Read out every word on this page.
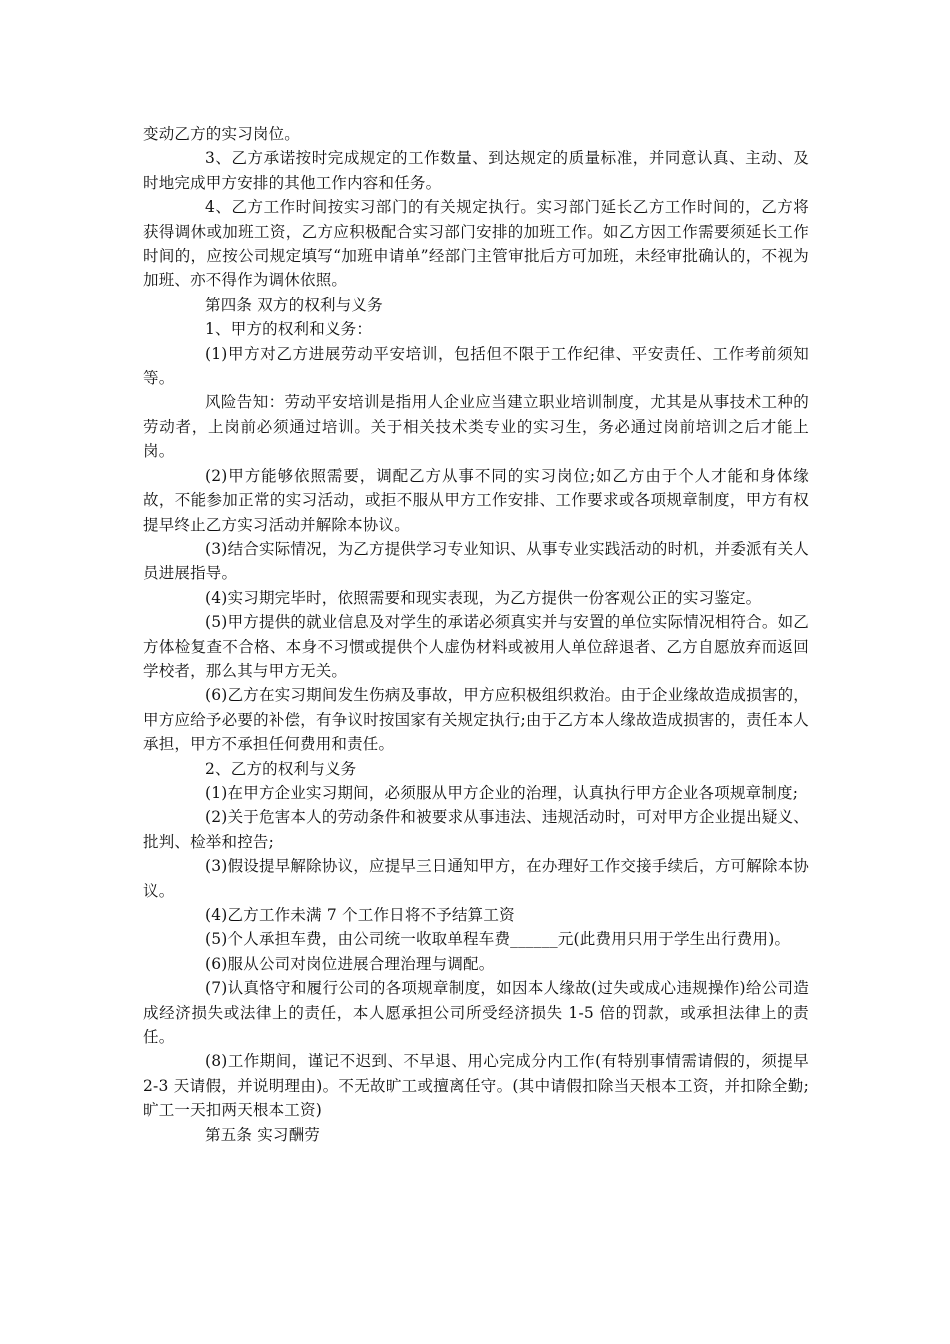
变动乙方的实习岗位。

3、乙方承诺按时完成规定的工作数量、到达规定的质量标准，并同意认真、主动、及时地完成甲方安排的其他工作内容和任务。

4、乙方工作时间按实习部门的有关规定执行。实习部门延长乙方工作时间的，乙方将获得调休或加班工资，乙方应积极配合实习部门安排的加班工作。如乙方因工作需要须延长工作时间的，应按公司规定填写“加班申请单”经部门主管审批后方可加班，未经审批确认的，不视为加班、亦不得作为调休依照。

第四条 双方的权利与义务

1、甲方的权利和义务：

(1)甲方对乙方进展劳动平安培训，包括但不限于工作纪律、平安责任、工作考前须知等。

风险告知：劳动平安培训是指用人企业应当建立职业培训制度，尤其是从事技术工种的劳动者，上岗前必须通过培训。关于相关技术类专业的实习生，务必通过岗前培训之后才能上岗。

(2)甲方能够依照需要，调配乙方从事不同的实习岗位;如乙方由于个人才能和身体缘故，不能参加正常的实习活动，或拒不服从甲方工作安排、工作要求或各项规章制度，甲方有权提早终止乙方实习活动并解除本协议。

(3)结合实际情况，为乙方提供学习专业知识、从事专业实践活动的时机，并委派有关人员进展指导。

(4)实习期完毕时，依照需要和现实表现，为乙方提供一份客观公正的实习鉴定。

(5)甲方提供的就业信息及对学生的承诺必须真实并与安置的单位实际情况相符合。如乙方体检复查不合格、本身不习惯或提供个人虚伪材料或被用人单位辞退者、乙方自愿放弃而返回学校者，那么其与甲方无关。

(6)乙方在实习期间发生伤病及事故，甲方应积极组织救治。由于企业缘故造成损害的，甲方应给予必要的补偿，有争议时按国家有关规定执行;由于乙方本人缘故造成损害的，责任本人承担，甲方不承担任何费用和责任。

2、乙方的权利与义务

(1)在甲方企业实习期间，必须服从甲方企业的治理，认真执行甲方企业各项规章制度;

(2)关于危害本人的劳动条件和被要求从事违法、违规活动时，可对甲方企业提出疑义、批判、检举和控告;

(3)假设提早解除协议，应提早三日通知甲方，在办理好工作交接手续后，方可解除本协议。

(4)乙方工作未满 7 个工作日将不予结算工资

(5)个人承担车费，由公司统一收取单程车费______元(此费用只用于学生出行费用)。

(6)服从公司对岗位进展合理治理与调配。

(7)认真恪守和履行公司的各项规章制度，如因本人缘故(过失或成心违规操作)给公司造成经济损失或法律上的责任，本人愿承担公司所受经济损失 1-5 倍的罚款，或承担法律上的责任。

(8)工作期间，谨记不迟到、不早退、用心完成分内工作(有特别事情需请假的，须提早 2-3 天请假，并说明理由)。不无故旷工或擅离任守。(其中请假扣除当天根本工资，并扣除全勤;旷工一天扣两天根本工资)

第五条 实习酬劳
